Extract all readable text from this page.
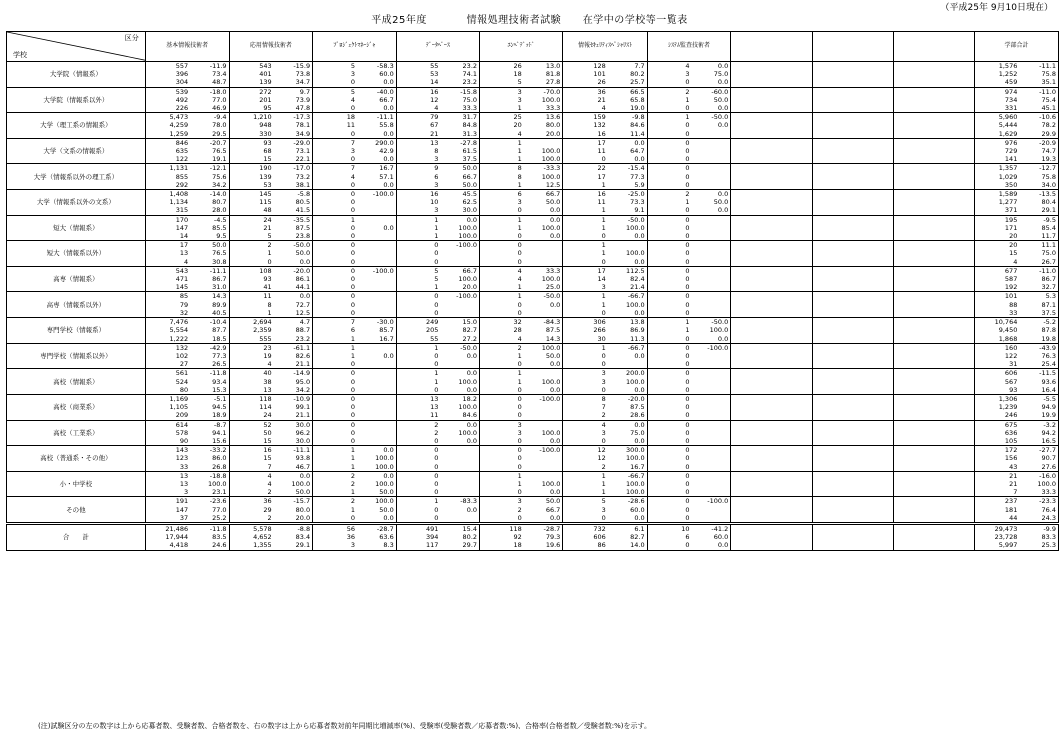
（平成25年 9月10日現在）
平成25年度	情報処理技術者試験 在学中の学校等一覧表
区分
学校	基本情報技術者		応用情報技術者		ﾌﾟﾛｼﾞｪｸﾄﾏﾈｰｼﾞｬ		ﾃﾞｰﾀﾍﾞｰｽ		ｴﾝﾍﾞﾃﾞｯﾄﾞ		情報ｾｷｭﾘﾃｨｽﾍﾟｼｬﾘｽﾄ		ｼｽﾃﾑ監査技術者								学部合計	
大学院（情報系）	557	-11.9	543	-15.9	5	-58.3	55	23.2	26	13.0	128	7.7	4	0.0							1,576	-11.1
	396	73.4	401	73.8	3	60.0	53	74.1	18	81.8	101	80.2	3	75.0							1,252	75.8
	304	48.7	139	34.7	0	0.0	14	23.2	5	27.8	26	25.7	0	0.0							459	35.1
大学院（情報系以外）	539	-18.0	272	9.7	5	-40.0	16	-15.8	3	-70.0	36	66.5	2	-60.0							974	-11.0
	492	77.0	201	73.9	4	66.7	12	75.0	3	100.0	21	65.8	1	50.0							734	75.4
	226	46.9	95	47.8	0	0.0	4	33.3	1	33.3	4	19.0	0	0.0							331	45.1
大学（理工系の情報系）	5,473	-9.4	1,210	-17.3	18	-11.1	79	31.7	25	13.6	159	-9.8	1	-50.0							5,960	-10.6
	4,259	78.0	948	78.1	11	55.8	67	84.8	20	80.0	132	84.6	0	0.0							5,444	78.2
	1,259	29.5	330	34.9	0	0.0	21	31.3	4	20.0	16	11.4	0								1,629	29.9
大学（文系の情報系）	846	-20.7	93	-29.0	7	290.0	13	-27.8	1		17	0.0	0								976	-20.9
	635	76.5	68	73.1	3	42.9	8	61.5	1	100.0	11	64.7	0								729	74.7
	122	19.1	15	22.1	0	0.0	3	37.5	1	100.0	0	0.0	0								141	19.3
大学（情報系以外の理工系）	1,131	-12.1	190	-17.0	7	16.7	9	50.0	8	-33.3	22	-15.4	0								1,357	-12.7
	855	75.6	139	73.2	4	57.1	6	66.7	8	100.0	17	77.3	0								1,029	75.8
	292	34.2	53	38.1	0	0.0	3	50.0	1	12.5	1	5.9	0								350	34.0
大学（情報系以外の文系）	1,408	-14.0	145	-5.8	0	-100.0	16	45.5	6	66.7	16	-25.0	2	0.0							1,589	-13.5
	1,134	80.7	115	80.5	0		10	62.5	3	50.0	11	73.3	1	50.0							1,277	80.4
	315	28.0	48	41.5	0		3	30.0	0	0.0	1	9.1	0	0.0							371	29.1
短大（情報系）	170	-4.5	24	-35.5	1		1	0.0	1	0.0	1	-50.0	0								195	-9.5
	147	85.5	21	87.5	0	0.0	1	100.0	1	100.0	1	100.0	0								171	85.4
	14	9.5	5	23.8	0		1	100.0	0	0.0	0	0.0	0								20	11.7
短大（情報系以外）	17	50.0	2	-50.0	0		0	-100.0	0		1		0								20	11.1
	13	76.5	1	50.0	0		0		0		1	100.0	0								15	75.0
	4	30.8	0	0.0	0		0		0		0	0.0	0								4	26.7
高専（情報系）	543	-11.1	108	-20.0	0	-100.0	5	66.7	4	33.3	17	112.5	0								677	-11.0
	471	86.7	93	86.1	0		5	100.0	4	100.0	14	82.4	0								587	86.7
	145	31.0	41	44.1	0		1	20.0	1	25.0	3	21.4	0								192	32.7
高専（情報系以外）	85	14.3	11	0.0	0		0	-100.0	1	-50.0	1	-66.7	0								101	5.3
	79	89.9	8	72.7	0		0		0	0.0	1	100.0	0								88	87.1
	32	40.5	1	12.5	0		0		0		0	0.0	0								33	37.5
専門学校（情報系）	7,476	-10.4	2,694	4.7	7	-30.0	249	15.0	32	-84.3	306	13.8	1	-50.0							10,764	-5.2
	5,554	87.7	2,359	88.7	6	85.7	205	82.7	28	87.5	266	86.9	1	100.0							9,450	87.8
	1,222	18.5	555	23.2	1	16.7	55	27.2	4	14.3	30	11.3	0	0.0							1,868	19.8
専門学校（情報系以外）	132	-42.9	23	-61.1	1		1	-50.0	2	100.0	1	-66.7	0	-100.0							160	-43.9
	102	77.3	19	82.6	1	0.0	0	0.0	1	50.0	0	0.0	0								122	76.3
	27	26.5	4	21.1	0		0		0	0.0	0		0								31	25.4
高校（情報系）	561	-11.8	40	-14.9	0		1	0.0	1		3	200.0	0								606	-11.5
	524	93.4	38	95.0	0		1	100.0	1	100.0	3	100.0	0								567	93.6
	80	15.3	13	34.2	0		0	0.0	0	0.0	0	0.0	0								93	16.4
高校（商業系）	1,169	-5.1	118	-10.9	0		13	18.2	0	-100.0	8	-20.0	0								1,306	-5.5
	1,105	94.5	114	99.1	0		13	100.0	0		7	87.5	0								1,239	94.9
	209	18.9	24	21.1	0		11	84.6	0		2	28.6	0								246	19.9
高校（工業系）	614	-8.7	52	30.0	0		2	0.0	3		4	0.0	0								675	-3.2
	578	94.1	50	96.2	0		2	100.0	3	100.0	3	75.0	0								636	94.2
	90	15.6	15	30.0	0		0	0.0	0	0.0	0	0.0	0								105	16.5
高校（普通系・その他）	143	-33.2	16	-11.1	1	0.0	0		0	-100.0	12	300.0	0								172	-27.7
	123	86.0	15	93.8	1	100.0	0		0		12	100.0	0								156	90.7
	33	26.8	7	46.7	1	100.0	0		0		2	16.7	0								43	27.6
小・中学校	13	-18.8	4	0.0	2	0.0	0		1		1	-66.7	0								21	-16.0
	13	100.0	4	100.0	2	100.0	0		1	100.0	1	100.0	0								21	100.0
	3	23.1	2	50.0	1	50.0	0		0	0.0	1	100.0	0								7	33.3
その他	191	-23.6	36	-15.7	2	100.0	1	-83.3	3	50.0	5	-28.6	0	-100.0							237	-23.3
	147	77.0	29	80.0	1	50.0	0	0.0	2	66.7	3	60.0	0								181	76.4
	37	25.2	2	20.0	0	0.0	0		0	0.0	0	0.0	0								44	24.3
合　　計	21,486	-11.8	5,578	-8.8	56	-28.7	491	15.4	118	-28.7	732	6.1	10	-41.2							29,473	-9.9
	17,944	83.5	4,652	83.4	36	63.6	394	80.2	92	79.3	606	82.7	6	60.0							23,728	83.3
	4,418	24.6	1,355	29.1	3	8.3	117	29.7	18	19.6	86	14.0	0	0.0							5,997	25.3
(注)試験区分の左の数字は上から応募者数、受験者数、合格者数を、右の数字は上から応募者数対前年同期比増減率(%)、受験率(受験者数／応募者数:%)、合格率(合格者数／受験者数:%)を示す。
